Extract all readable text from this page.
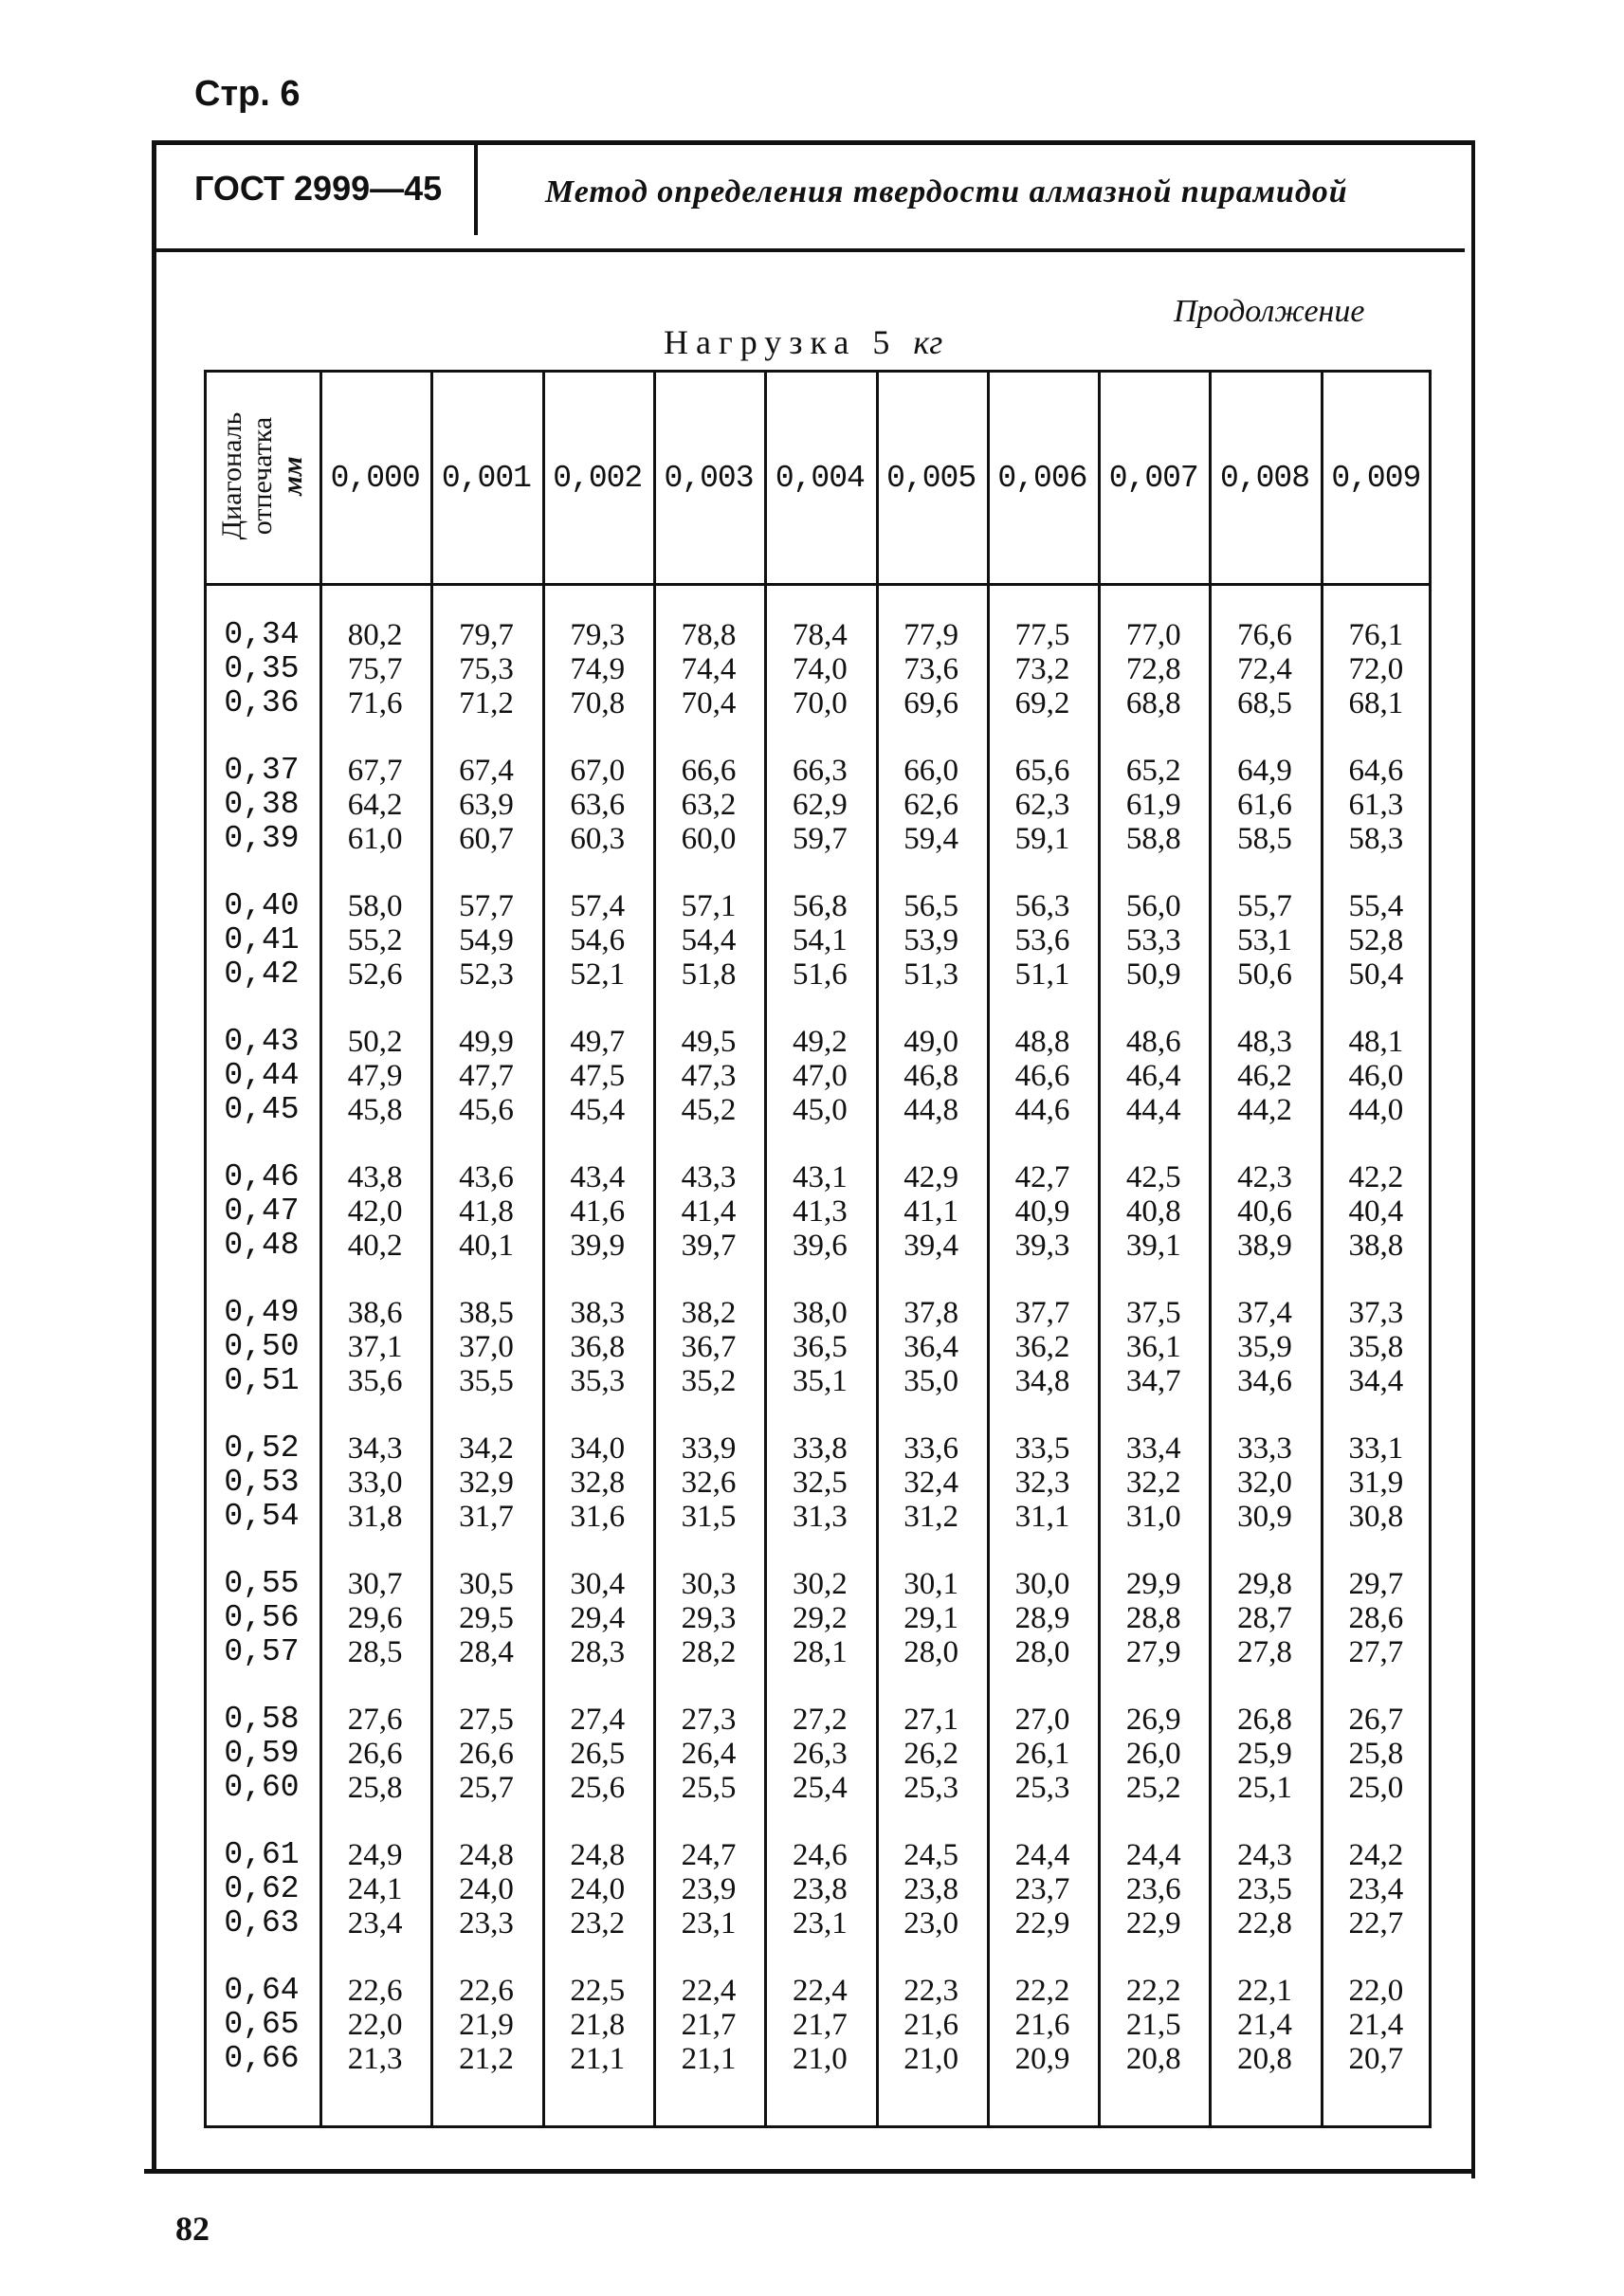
Стр. 6
ГОСТ 2999—45	Метод определения твердости алмазной пирамидой
Продолжение
Нагрузка 5 кг
Диагональ отпечатка мм 0,000 0,001 0,002 0,003 0,004 0,005 0,006 0,007 0,008 0,009
0,34	80,2	79,7	79,3	78,8	78,4	77,9	77,5	77,0	76,6	76,1
0,35	75,7	75,3	74,9	74,4	74,0	73,6	73,2	72,8	72,4	72,0
0,36	71,6	71,2	70,8	70,4	70,0	69,6	69,2	68,8	68,5	68,1
0,37	67,7	67,4	67,0	66,6	66,3	66,0	65,6	65,2	64,9	64,6
0,38	64,2	63,9	63,6	63,2	62,9	62,6	62,3	61,9	61,6	61,3
0,39	61,0	60,7	60,3	60,0	59,7	59,4	59,1	58,8	58,5	58,3
0,40	58,0	57,7	57,4	57,1	56,8	56,5	56,3	56,0	55,7	55,4
0,41	55,2	54,9	54,6	54,4	54,1	53,9	53,6	53,3	53,1	52,8
0,42	52,6	52,3	52,1	51,8	51,6	51,3	51,1	50,9	50,6	50,4
0,43	50,2	49,9	49,7	49,5	49,2	49,0	48,8	48,6	48,3	48,1
0,44	47,9	47,7	47,5	47,3	47,0	46,8	46,6	46,4	46,2	46,0
0,45	45,8	45,6	45,4	45,2	45,0	44,8	44,6	44,4	44,2	44,0
0,46	43,8	43,6	43,4	43,3	43,1	42,9	42,7	42,5	42,3	42,2
0,47	42,0	41,8	41,6	41,4	41,3	41,1	40,9	40,8	40,6	40,4
0,48	40,2	40,1	39,9	39,7	39,6	39,4	39,3	39,1	38,9	38,8
0,49	38,6	38,5	38,3	38,2	38,0	37,8	37,7	37,5	37,4	37,3
0,50	37,1	37,0	36,8	36,7	36,5	36,4	36,2	36,1	35,9	35,8
0,51	35,6	35,5	35,3	35,2	35,1	35,0	34,8	34,7	34,6	34,4
0,52	34,3	34,2	34,0	33,9	33,8	33,6	33,5	33,4	33,3	33,1
0,53	33,0	32,9	32,8	32,6	32,5	32,4	32,3	32,2	32,0	31,9
0,54	31,8	31,7	31,6	31,5	31,3	31,2	31,1	31,0	30,9	30,8
0,55	30,7	30,5	30,4	30,3	30,2	30,1	30,0	29,9	29,8	29,7
0,56	29,6	29,5	29,4	29,3	29,2	29,1	28,9	28,8	28,7	28,6
0,57	28,5	28,4	28,3	28,2	28,1	28,0	28,0	27,9	27,8	27,7
0,58	27,6	27,5	27,4	27,3	27,2	27,1	27,0	26,9	26,8	26,7
0,59	26,6	26,6	26,5	26,4	26,3	26,2	26,1	26,0	25,9	25,8
0,60	25,8	25,7	25,6	25,5	25,4	25,3	25,3	25,2	25,1	25,0
0,61	24,9	24,8	24,8	24,7	24,6	24,5	24,4	24,4	24,3	24,2
0,62	24,1	24,0	24,0	23,9	23,8	23,8	23,7	23,6	23,5	23,4
0,63	23,4	23,3	23,2	23,1	23,1	23,0	22,9	22,9	22,8	22,7
0,64	22,6	22,6	22,5	22,4	22,4	22,3	22,2	22,2	22,1	22,0
0,65	22,0	21,9	21,8	21,7	21,7	21,6	21,6	21,5	21,4	21,4
0,66	21,3	21,2	21,1	21,1	21,0	21,0	20,9	20,8	20,8	20,7
82
